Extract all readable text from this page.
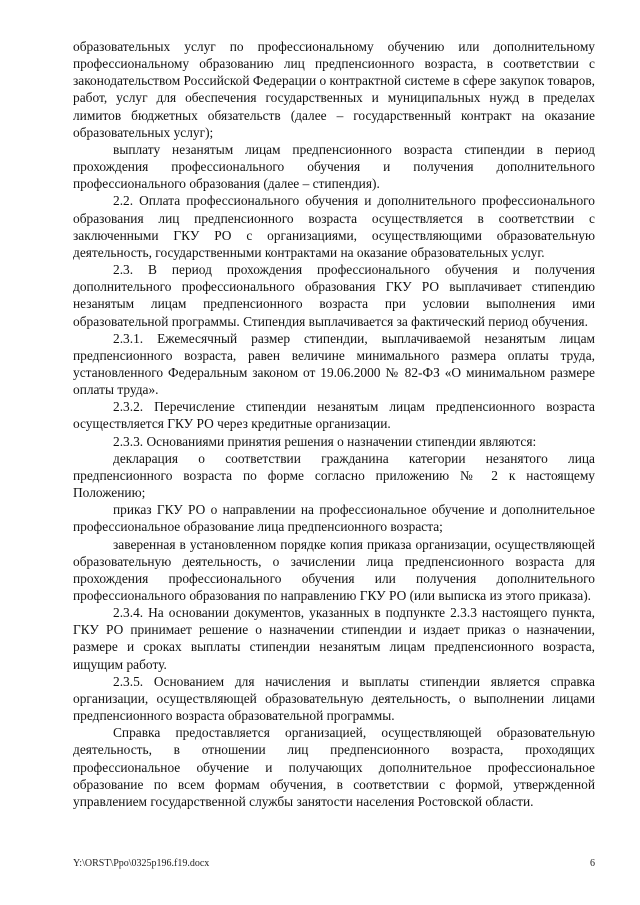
образовательных услуг по профессиональному обучению или дополнительному профессиональному образованию лиц предпенсионного возраста, в соответствии с законодательством Российской Федерации о контрактной системе в сфере закупок товаров, работ, услуг для обеспечения государственных и муниципальных нужд в пределах лимитов бюджетных обязательств (далее – государственный контракт на оказание образовательных услуг);

выплату незанятым лицам предпенсионного возраста стипендии в период прохождения профессионального обучения и получения дополнительного профессионального образования (далее – стипендия).

2.2. Оплата профессионального обучения и дополнительного профессионального образования лиц предпенсионного возраста осуществляется в соответствии с заключенными ГКУ РО с организациями, осуществляющими образовательную деятельность, государственными контрактами на оказание образовательных услуг.

2.3. В период прохождения профессионального обучения и получения дополнительного профессионального образования ГКУ РО выплачивает стипендию незанятым лицам предпенсионного возраста при условии выполнения ими образовательной программы. Стипендия выплачивается за фактический период обучения.

2.3.1. Ежемесячный размер стипендии, выплачиваемой незанятым лицам предпенсионного возраста, равен величине минимального размера оплаты труда, установленного Федеральным законом от 19.06.2000 № 82-ФЗ «О минимальном размере оплаты труда».

2.3.2. Перечисление стипендии незанятым лицам предпенсионного возраста осуществляется ГКУ РО через кредитные организации.

2.3.3. Основаниями принятия решения о назначении стипендии являются:

декларация о соответствии гражданина категории незанятого лица предпенсионного возраста по форме согласно приложению № 2 к настоящему Положению;

приказ ГКУ РО о направлении на профессиональное обучение и дополнительное профессиональное образование лица предпенсионного возраста;

заверенная в установленном порядке копия приказа организации, осуществляющей образовательную деятельность, о зачислении лица предпенсионного возраста для прохождения профессионального обучения или получения дополнительного профессионального образования по направлению ГКУ РО (или выписка из этого приказа).

2.3.4. На основании документов, указанных в подпункте 2.3.3 настоящего пункта, ГКУ РО принимает решение о назначении стипендии и издает приказ о назначении, размере и сроках выплаты стипендии незанятым лицам предпенсионного возраста, ищущим работу.

2.3.5. Основанием для начисления и выплаты стипендии является справка организации, осуществляющей образовательную деятельность, о выполнении лицами предпенсионного возраста образовательной программы.

Справка предоставляется организацией, осуществляющей образовательную деятельность, в отношении лиц предпенсионного возраста, проходящих профессиональное обучение и получающих дополнительное профессиональное образование по всем формам обучения, в соответствии с формой, утвержденной управлением государственной службы занятости населения Ростовской области.

Y:\ORST\Ppo\0325p196.f19.docx	6
